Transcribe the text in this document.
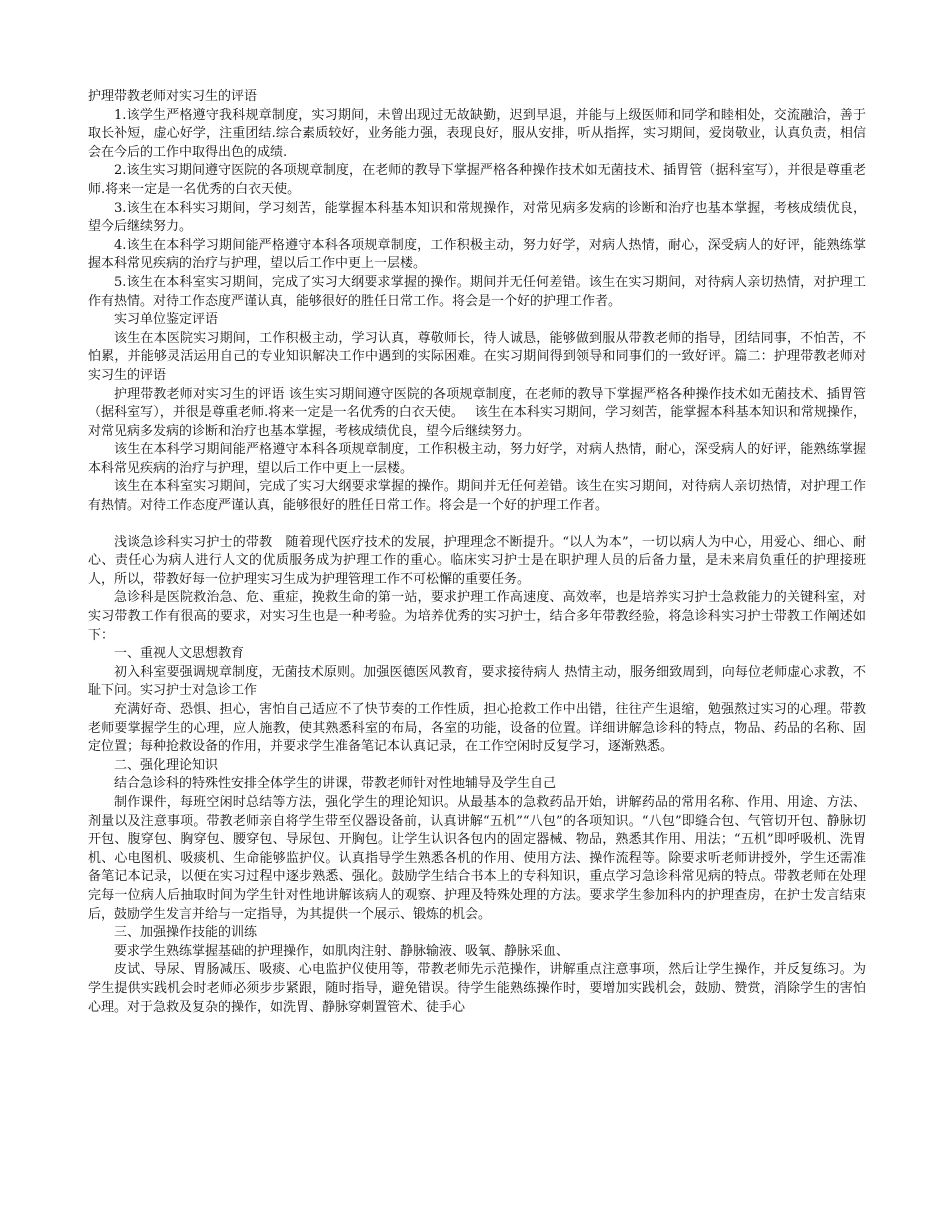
护理带教老师对实习生的评语

1.该学生严格遵守我科规章制度，实习期间，未曾出现过无故缺勤，迟到早退，并能与上级医师和同学和睦相处，交流融洽，善于取长补短，虚心好学，注重团结.综合素质较好，业务能力强，表现良好，服从安排，听从指挥，实习期间，爱岗敬业，认真负责，相信会在今后的工作中取得出色的成绩.

2.该生实习期间遵守医院的各项规章制度，在老师的教导下掌握严格各种操作技术如无菌技术、插胃管（据科室写），并很是尊重老师.将来一定是一名优秀的白衣天使。

3.该生在本科实习期间，学习刻苦，能掌握本科基本知识和常规操作，对常见病多发病的诊断和治疗也基本掌握，考核成绩优良，望今后继续努力。

4.该生在本科学习期间能严格遵守本科各项规章制度，工作积极主动，努力好学，对病人热情，耐心，深受病人的好评，能熟练掌握本科常见疾病的治疗与护理，望以后工作中更上一层楼。

5.该生在本科室实习期间，完成了实习大纲要求掌握的操作。期间并无任何差错。该生在实习期间，对待病人亲切热情，对护理工作有热情。对待工作态度严谨认真，能够很好的胜任日常工作。将会是一个好的护理工作者。

实习单位鉴定评语

该生在本医院实习期间，工作积极主动，学习认真，尊敬师长，待人诚恳，能够做到服从带教老师的指导，团结同事，不怕苦，不怕累，并能够灵活运用自己的专业知识解决工作中遇到的实际困难。在实习期间得到领导和同事们的一致好评。篇二：护理带教老师对实习生的评语

护理带教老师对实习生的评语 该生实习期间遵守医院的各项规章制度，在老师的教导下掌握严格各种操作技术如无菌技术、插胃管（据科室写），并很是尊重老师.将来一定是一名优秀的白衣天使。　 该生在本科实习期间，学习刻苦，能掌握本科基本知识和常规操作，对常见病多发病的诊断和治疗也基本掌握，考核成绩优良，望今后继续努力。

该生在本科学习期间能严格遵守本科各项规章制度，工作积极主动，努力好学，对病人热情，耐心，深受病人的好评，能熟练掌握本科常见疾病的治疗与护理，望以后工作中更上一层楼。

该生在本科室实习期间，完成了实习大纲要求掌握的操作。期间并无任何差错。该生在实习期间，对待病人亲切热情，对护理工作有热情。对待工作态度严谨认真，能够很好的胜任日常工作。将会是一个好的护理工作者。

浅谈急诊科实习护士的带教　随着现代医疗技术的发展，护理理念不断提升。“以人为本”，一切以病人为中心，用爱心、细心、耐心、责任心为病人进行人文的优质服务成为护理工作的重心。临床实习护士是在职护理人员的后备力量，是未来肩负重任的护理接班人，所以，带教好每一位护理实习生成为护理管理工作不可松懈的重要任务。

急诊科是医院救治急、危、重症，挽救生命的第一站，要求护理工作高速度、高效率，也是培养实习护士急救能力的关键科室，对实习带教工作有很高的要求，对实习生也是一种考验。为培养优秀的实习护士，结合多年带教经验，将急诊科实习护士带教工作阐述如下：

一、重视人文思想教育

初入科室要强调规章制度，无菌技术原则。加强医德医风教育，要求接待病人 热情主动，服务细致周到，向每位老师虚心求教，不耻下问。实习护士对急诊工作

充满好奇、恐惧、担心，害怕自己适应不了快节奏的工作性质，担心抢救工作中出错，往往产生退缩，勉强熬过实习的心理。带教老师要掌握学生的心理，应人施教，使其熟悉科室的布局，各室的功能，设备的位置。详细讲解急诊科的特点，物品、药品的名称、固定位置；每种抢救设备的作用，并要求学生准备笔记本认真记录，在工作空闲时反复学习，逐渐熟悉。

二、强化理论知识

结合急诊科的特殊性安排全体学生的讲课，带教老师针对性地辅导及学生自己

制作课件，每班空闲时总结等方法，强化学生的理论知识。从最基本的急救药品开始，讲解药品的常用名称、作用、用途、方法、剂量以及注意事项。带教老师亲自将学生带至仪器设备前，认真讲解“五机”“八包”的各项知识。“八包”即缝合包、气管切开包、静脉切开包、腹穿包、胸穿包、腰穿包、导尿包、开胸包。让学生认识各包内的固定器械、物品，熟悉其作用、用法；“五机”即呼吸机、洗胃机、心电图机、吸痰机、生命能够监护仪。认真指导学生熟悉各机的作用、使用方法、操作流程等。除要求听老师讲授外，学生还需准备笔记本记录，以便在实习过程中逐步熟悉、强化。鼓励学生结合书本上的专科知识，重点学习急诊科常见病的特点。带教老师在处理完每一位病人后抽取时间为学生针对性地讲解该病人的观察、护理及特殊处理的方法。要求学生参加科内的护理查房，在护士发言结束后，鼓励学生发言并给与一定指导，为其提供一个展示、锻炼的机会。

三、加强操作技能的训练

要求学生熟练掌握基础的护理操作，如肌肉注射、静脉输液、吸氧、静脉采血、

皮试、导尿、胃肠减压、吸痰、心电监护仪使用等，带教老师先示范操作，讲解重点注意事项，然后让学生操作，并反复练习。为学生提供实践机会时老师必须步步紧跟，随时指导，避免错误。待学生能熟练操作时，要增加实践机会，鼓励、赞赏，消除学生的害怕心理。对于急救及复杂的操作，如洗胃、静脉穿刺置管术、徒手心
